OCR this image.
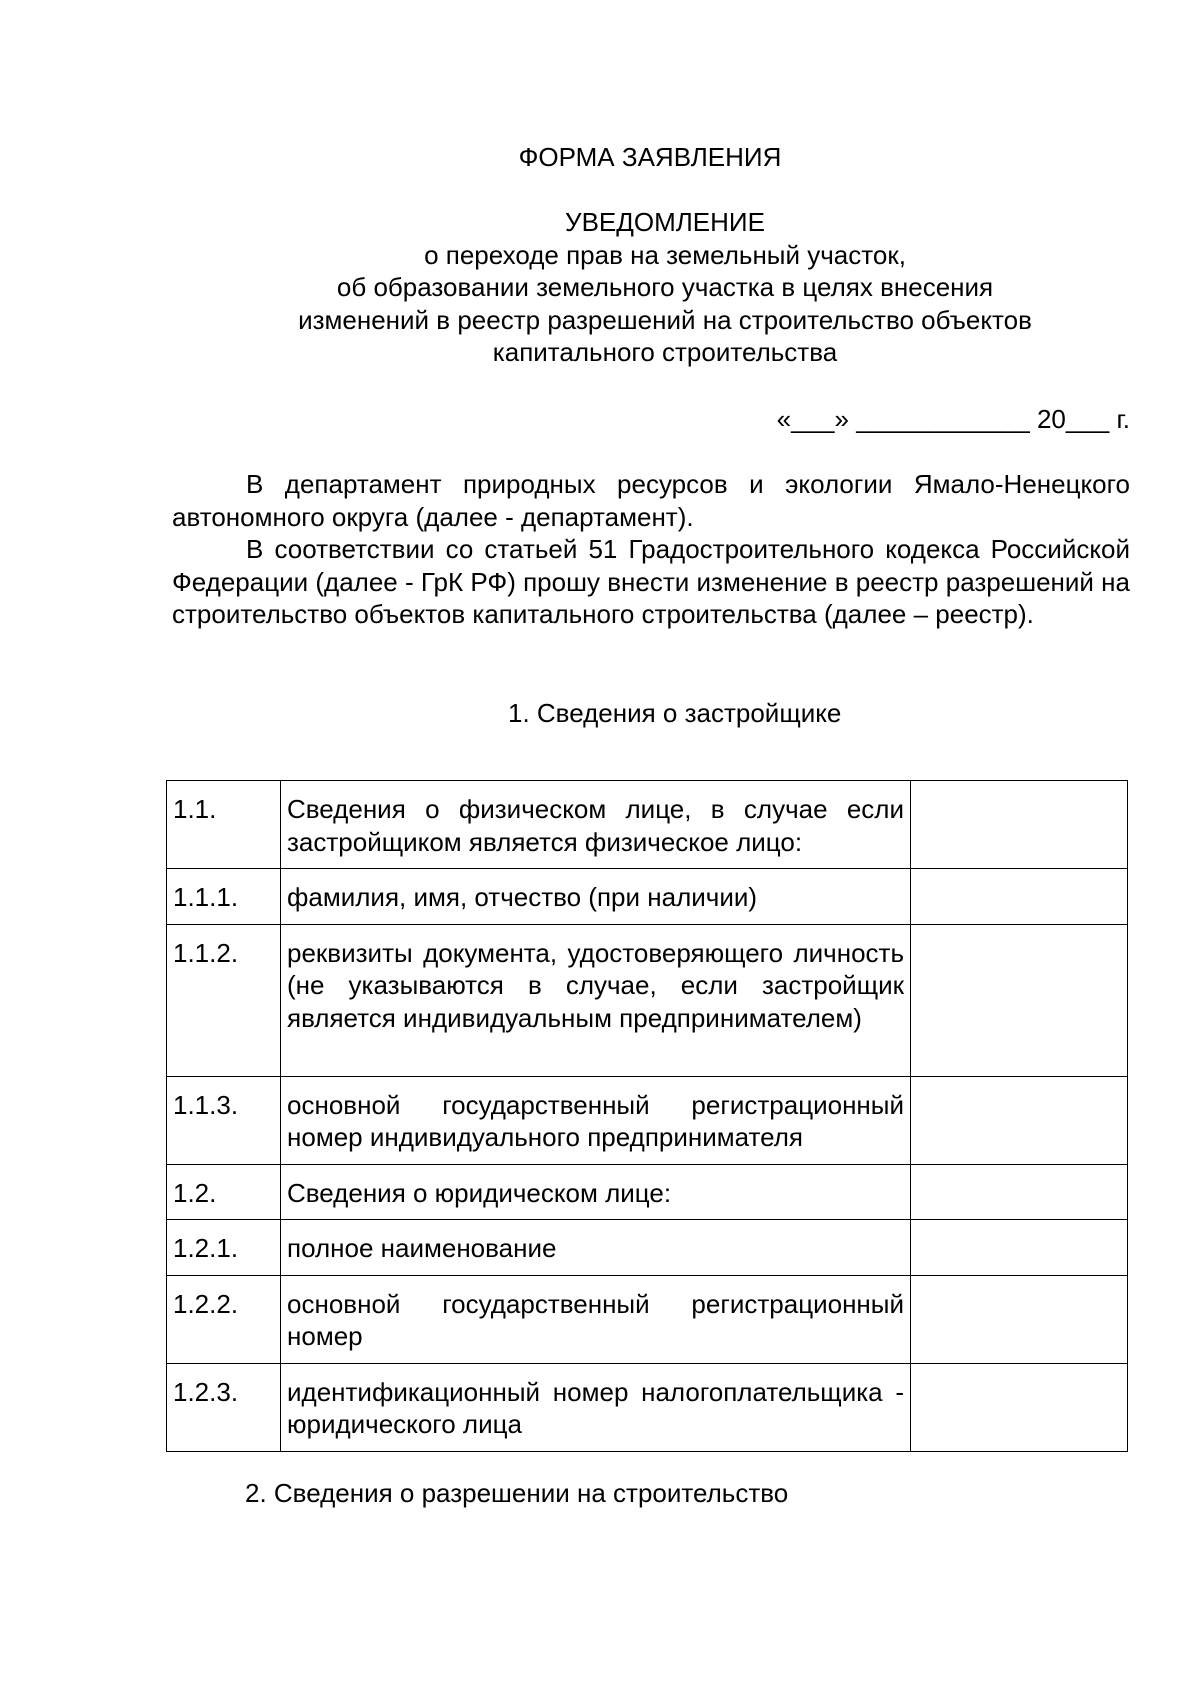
ФОРМА ЗАЯВЛЕНИЯ
УВЕДОМЛЕНИЕ
о переходе прав на земельный участок,
об образовании земельного участка в целях внесения
изменений в реестр разрешений на строительство объектов
капитального строительства
«___» ____________ 20___ г.

В департамент природных ресурсов и экологии Ямало-Ненецкого автономного округа (далее - департамент).

В соответствии со статьей 51 Градостроительного кодекса Российской Федерации (далее - ГрК РФ) прошу внести изменение в реестр разрешений на строительство объектов капитального строительства (далее – реестр).

1. Сведения о застройщике
1.1.	Сведения о физическом лице, в случае если застройщиком является физическое лицо:	

1.1.1.	фамилия, имя, отчество (при наличии)	

1.1.2.	реквизиты документа, удостоверяющего личность (не указываются в случае, если застройщик является индивидуальным предпринимателем)	

1.1.3.	основной государственный регистрационный номер индивидуального предпринимателя	

1.2.	Сведения о юридическом лице:	

1.2.1.	полное наименование	

1.2.2.	основной государственный регистрационный номер	

1.2.3.	идентификационный номер налогоплательщика - юридического лица	

2. Сведения о разрешении на строительство
